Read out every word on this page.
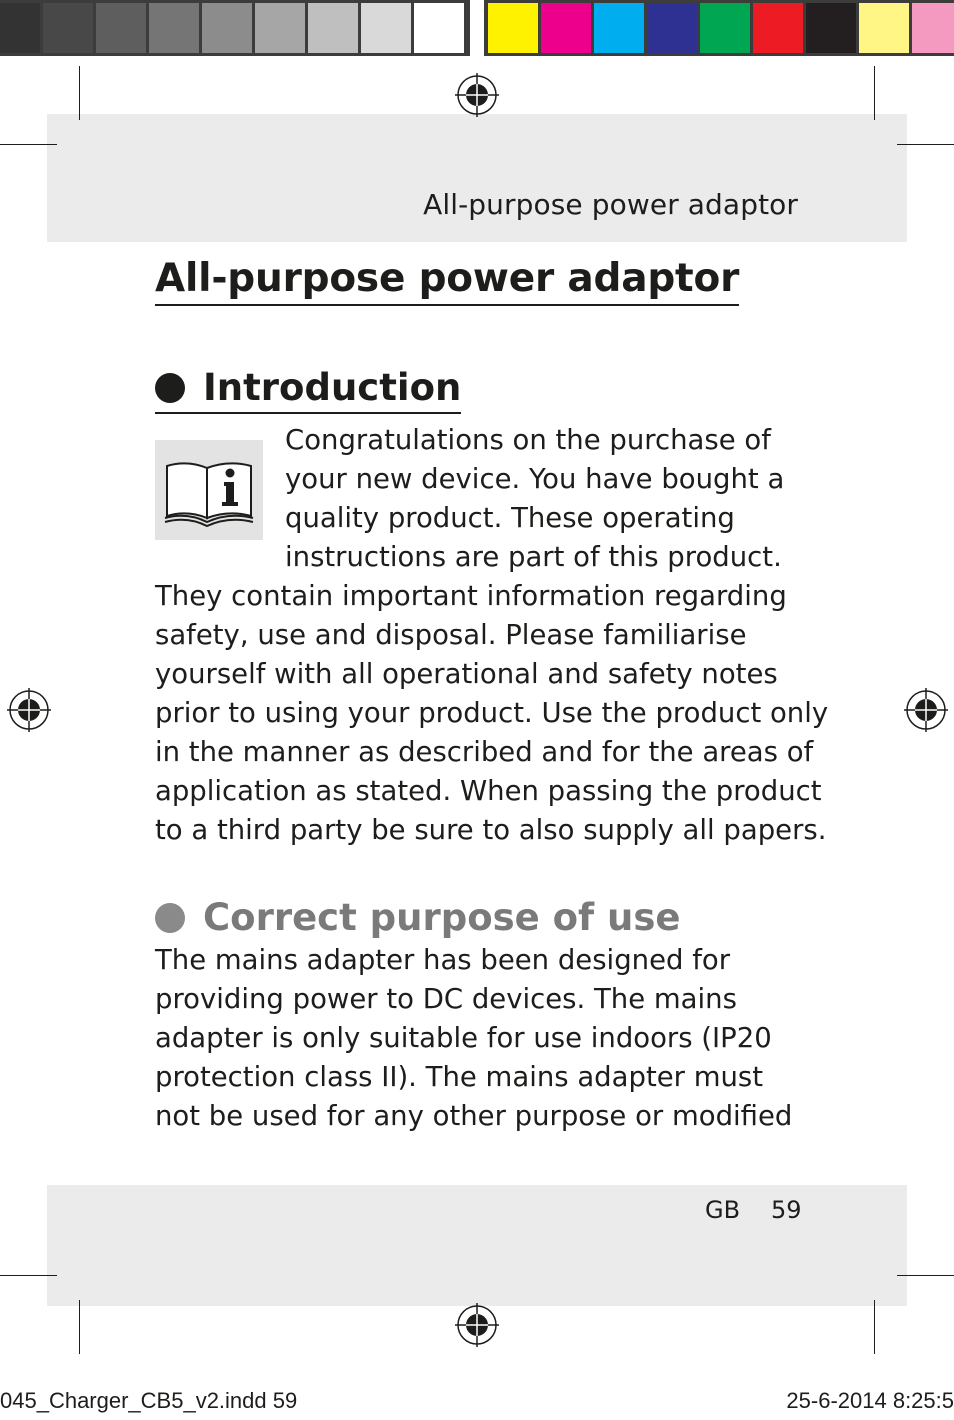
All-purpose power adaptor
All-purpose power adaptor
Introduction
Congratulations on the purchase of
your new device. You have bought a
quality product. These operating
instructions are part of this product.
They contain important information regarding
safety, use and disposal. Please familiarise
yourself with all operational and safety notes
prior to using your product. Use the product only
in the manner as described and for the areas of
application as stated. When passing the product
to a third party be sure to also supply all papers.
Correct purpose of use
The mains adapter has been designed for
providing power to DC devices. The mains
adapter is only suitable for use indoors (IP20
protection class II). The mains adapter must
not be used for any other purpose or modified
GB 59
045_Charger_CB5_v2.indd 59	25-6-2014 8:25:5
